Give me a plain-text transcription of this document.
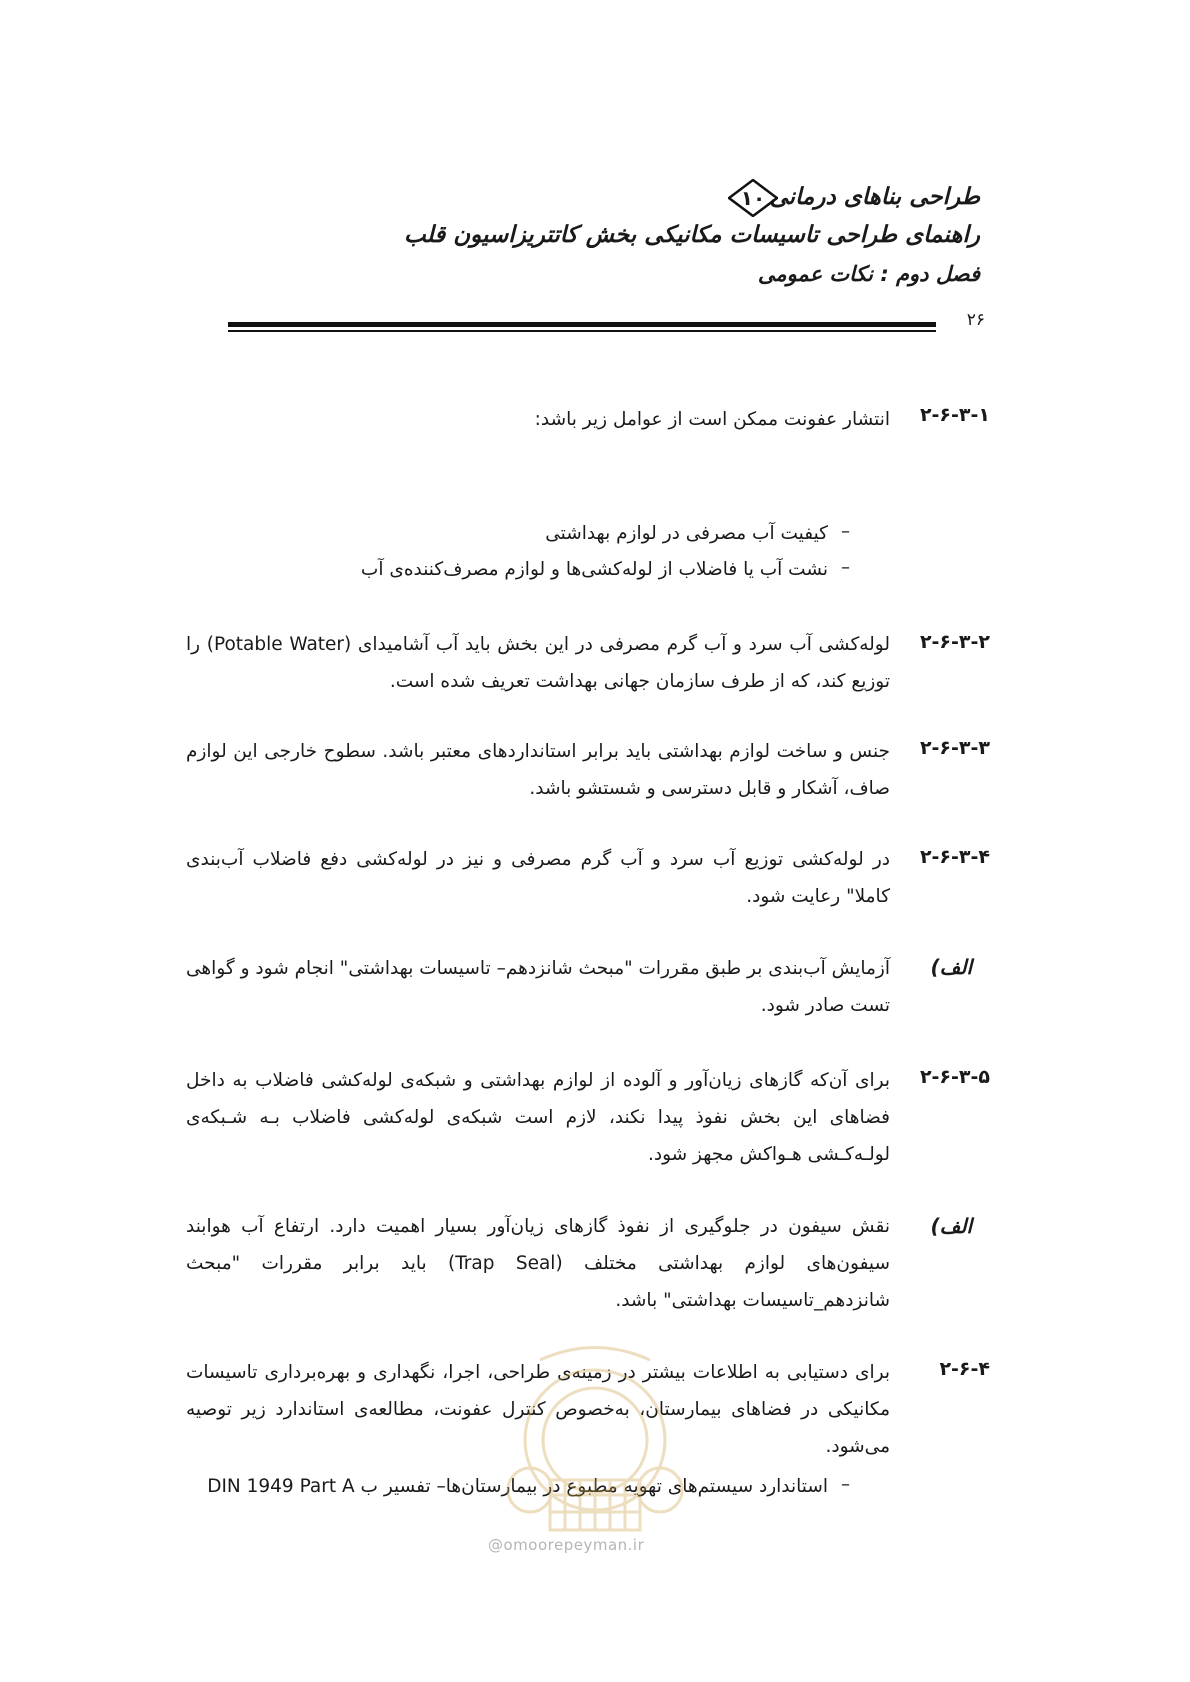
طراحی بناهای درمانی
۱۰
راهنمای طراحی تاسیسات مکانیکی بخش کاتتریزاسیون قلب
فصل دوم : نکات عمومی
۲۶
۲-۶-۳-۱
انتشار عفونت ممکن است از عوامل زیر باشد:
–
کیفیت آب مصرفی در لوازم بهداشتی
–
نشت آب یا فاضلاب از لوله‌کشی‌ها و لوازم مصرف‌کننده‌ی آب
۲-۶-۳-۲
لوله‌کشی آب سرد و آب گرم مصرفی در این بخش باید آب آشامیدای (Potable Water) را توزیع کند، که از طرف سازمان جهانی بهداشت تعریف شده است.
۲-۶-۳-۳
جنس و ساخت لوازم بهداشتی باید برابر استانداردهای معتبر باشد. سطوح خارجی این لوازم صاف، آشکار و قابل دسترسی و شستشو باشد.
۲-۶-۳-۴
در لوله‌کشی توزیع آب سرد و آب گرم مصرفی و نیز در لوله‌کشی دفع فاضلاب آب‌بندی کاملا" رعایت شود.
الف)
آزمایش آب‌بندی بر طبق مقررات "مبحث شانزدهم– تاسیسات بهداشتی" انجام شود و گواهی تست صادر شود.
۲-۶-۳-۵
برای آن‌که گازهای زیان‌آور و آلوده از لوازم بهداشتی و شبکه‌ی لوله‌کشی فاضلاب به داخل فضاهای این بخش نفوذ پیدا نکند، لازم است شبکه‌ی لوله‌کشی فاضلاب بـه شـبکه‌ی لولـه‌کـشی هـواکش مجهز شود.
الف)
نقش سیفون در جلوگیری از نفوذ گازهای زیان‌آور بسیار اهمیت دارد. ارتفاع آب هوابند سیفون‌های لوازم بهداشتی مختلف (Trap Seal) باید برابر مقررات "مبحث شانزدهم_تاسیسات بهداشتی" باشد.
۲-۶-۴
برای دستیابی به اطلاعات بیشتر در زمینه‌ی طراحی، اجرا، نگهداری و بهره‌برداری تاسیسات مکانیکی در فضاهای بیمارستان، به‌خصوص کنترل عفونت، مطالعه‌ی استاندارد زیر توصیه می‌شود.
–
استاندارد سیستم‌های تهویه مطبوع در بیمارستان‌ها– تفسیر ب DIN 1949 Part A
@omoorepeyman.ir
